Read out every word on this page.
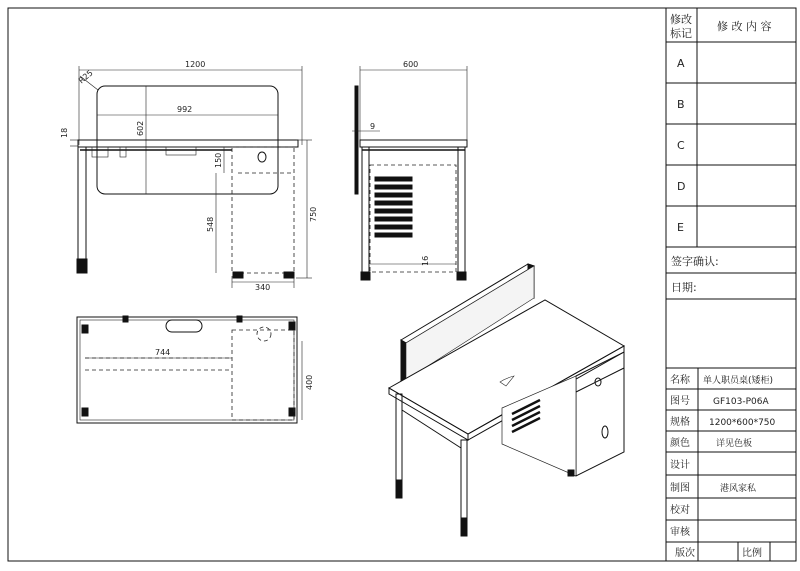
1200
R25
992
602
18
150
548
750
340
600
9
16
744
400
修改
标记
修 改 内 容
A
B
C
D
E
签字确认:
日期:
名称 单人职员桌(矮柜)
图号	GF103-P06A
规格 1200*600*750
颜色	详见色板
设计
制图	港风家私
校对
审核
版次	比例
